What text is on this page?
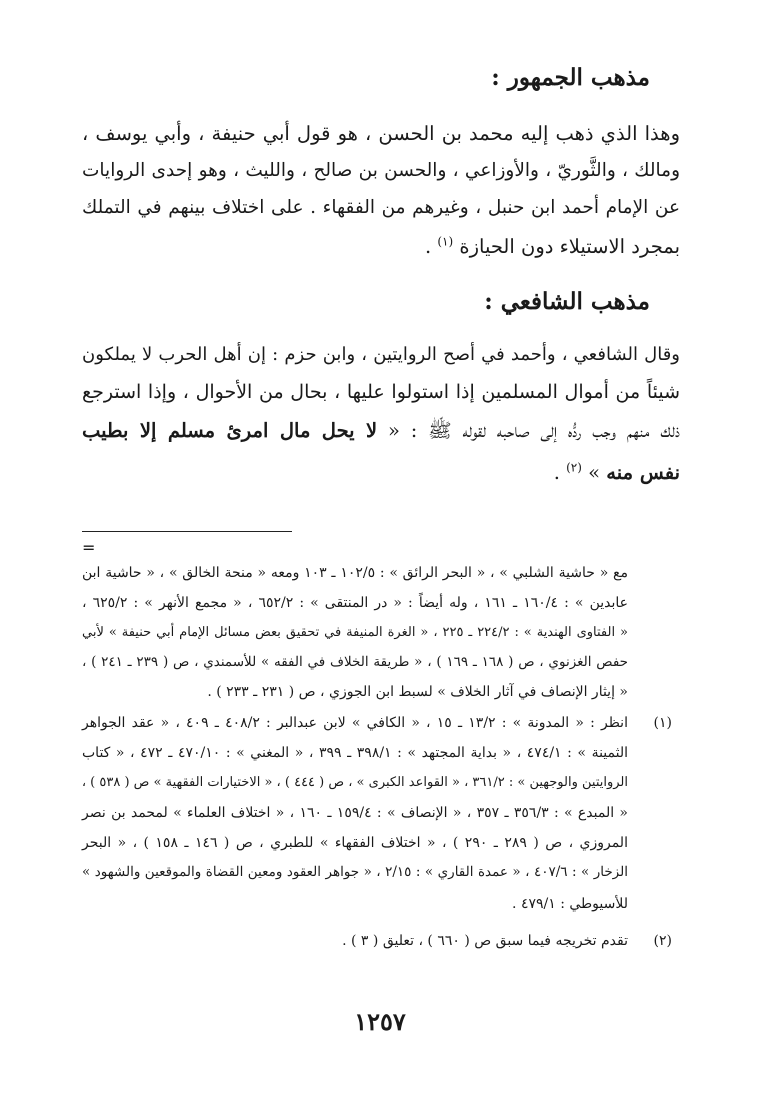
مذهب الجمهور :
وهذا الذي ذهب إليه محمد بن الحسن ، هو قول أبي حنيفة ، وأبي يوسف ،
ومالك ، والثَّوريّ ، والأوزاعي ، والحسن بن صالح ، والليث ، وهو إحدى الروايات
عن الإمام أحمد ابن حنبل ، وغيرهم من الفقهاء . على اختلاف بينهم في التملك
بمجرد الاستيلاء دون الحيازة $^{(١)}$ .
مذهب الشافعي :
وقال الشافعي ، وأحمد في أصح الروايتين ، وابن حزم : إن أهل الحرب لا يملكون
شيئاً من أموال المسلمين إذا استولوا عليها ، بحال من الأحوال ، وإذا استرجع
ذلك منهم وجب ردُّه إلى صاحبه لقوله ﷺ : « لا يحل مال امرئ مسلم إلا بطيب
نفس منه » $^{(٢)}$ .
=
مع « حاشية الشلبي » ، « البحر الرائق » : ١٠٢/٥ ـ ١٠٣ ومعه « منحة الخالق » ، « حاشية ابن
عابدين » : ١٦٠/٤ ـ ١٦١ ، وله أيضاً : « در المنتقى » : ٦٥٢/٢ ، « مجمع الأنهر » : ٦٢٥/٢ ،
« الفتاوى الهندية » : ٢٢٤/٢ ـ ٢٢٥ ، « الغرة المنيفة في تحقيق بعض مسائل الإمام أبي حنيفة » لأبي
حفص الغزنوي ، ص ( ١٦٨ ـ ١٦٩ ) ، « طريقة الخلاف في الفقه » للأسمندي ، ص ( ٢٣٩ ـ ٢٤١ ) ،
« إيثار الإنصاف في آثار الخلاف » لسبط ابن الجوزي ، ص ( ٢٣١ ـ ٢٣٣ ) .
(١)
انظر : « المدونة » : ١٣/٢ ـ ١٥ ، « الكافي » لابن عبدالبر : ٤٠٨/٢ ـ ٤٠٩ ، « عقد الجواهر
الثمينة » : ٤٧٤/١ ، « بداية المجتهد » : ٣٩٨/١ ـ ٣٩٩ ، « المغني » : ٤٧٠/١٠ ـ ٤٧٢ ، « كتاب
الروايتين والوجهين » : ٣٦١/٢ ، « القواعد الكبرى » ، ص ( ٤٤٤ ) ، « الاختيارات الفقهية » ص ( ٥٣٨ ) ،
« المبدع » : ٣٥٦/٣ ـ ٣٥٧ ، « الإنصاف » : ١٥٩/٤ ـ ١٦٠ ، « اختلاف العلماء » لمحمد بن نصر
المروزي ، ص ( ٢٨٩ ـ ٢٩٠ ) ، « اختلاف الفقهاء » للطبري ، ص ( ١٤٦ ـ ١٥٨ ) ، « البحر
الزخار » : ٤٠٧/٦ ، « عمدة القاري » : ٢/١٥ ، « جواهر العقود ومعين القضاة والموقعين والشهود »
للأسيوطي : ٤٧٩/١ .
(٢)
تقدم تخريجه فيما سبق ص ( ٦٦٠ ) ، تعليق ( ٣ ) .
١٢٥٧
